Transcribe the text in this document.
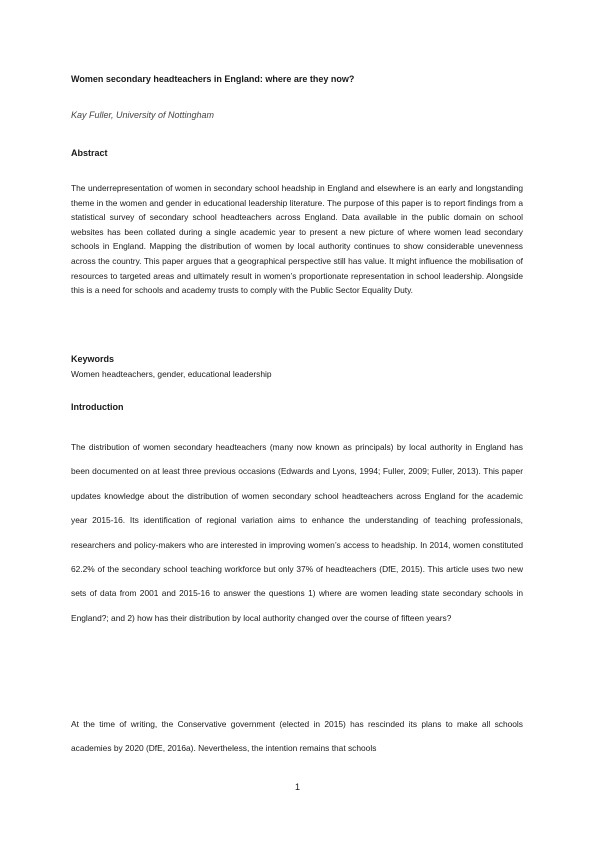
Women secondary headteachers in England: where are they now?
Kay Fuller, University of Nottingham
Abstract

The underrepresentation of women in secondary school headship in England and elsewhere is an early and longstanding theme in the women and gender in educational leadership literature. The purpose of this paper is to report findings from a statistical survey of secondary school headteachers across England. Data available in the public domain on school websites has been collated during a single academic year to present a new picture of where women lead secondary schools in England. Mapping the distribution of women by local authority continues to show considerable unevenness across the country. This paper argues that a geographical perspective still has value. It might influence the mobilisation of resources to targeted areas and ultimately result in women’s proportionate representation in school leadership. Alongside this is a need for schools and academy trusts to comply with the Public Sector Equality Duty.

Keywords
Women headteachers, gender, educational leadership
Introduction

The distribution of women secondary headteachers (many now known as principals) by local authority in England has been documented on at least three previous occasions (Edwards and Lyons, 1994; Fuller, 2009; Fuller, 2013). This paper updates knowledge about the distribution of women secondary school headteachers across England for the academic year 2015-16. Its identification of regional variation aims to enhance the understanding of teaching professionals, researchers and policy-makers who are interested in improving women’s access to headship. In 2014, women constituted 62.2% of the secondary school teaching workforce but only 37% of headteachers (DfE, 2015). This article uses two new sets of data from 2001 and 2015-16 to answer the questions 1) where are women leading state secondary schools in England?; and 2) how has their distribution by local authority changed over the course of fifteen years?

At the time of writing, the Conservative government (elected in 2015) has rescinded its plans to make all schools academies by 2020 (DfE, 2016a). Nevertheless, the intention remains that schools

1
